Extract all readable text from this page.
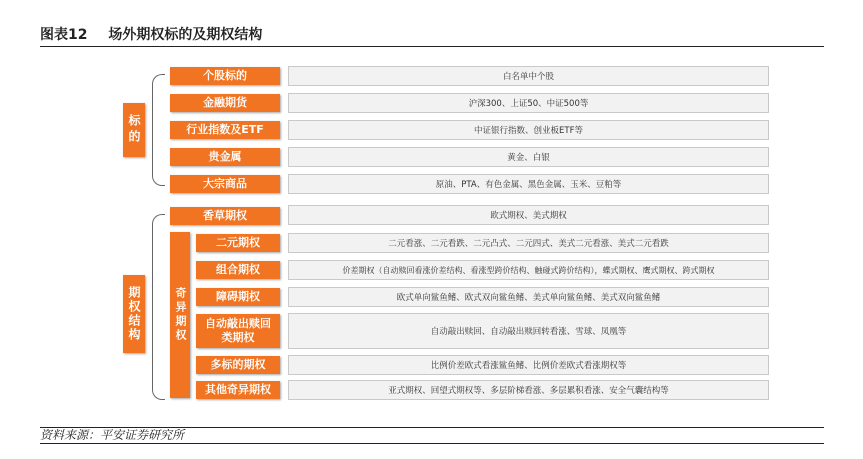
图表12 场外期权标的及期权结构
标的
个股标的	白名单中个股
金融期货	沪深300、上证50、中证500等
行业指数及ETF	中证银行指数、创业板ETF等
贵金属	黄金、白银
大宗商品	原油、PTA、有色金属、黑色金属、玉米、豆粕等
期权结构
香草期权	欧式期权、美式期权
奇异期权
二元期权	二元看涨、二元看跌、二元凸式、二元四式、美式二元看涨、美式二元看跌
组合期权	价差期权（自动赎回看涨价差结构、看涨型跨价结构、触碰式跨价结构），蝶式期权、鹰式期权、跨式期权
障碍期权	欧式单向鲨鱼鳍、欧式双向鲨鱼鳍、美式单向鲨鱼鳍、美式双向鲨鱼鳍
自动敲出赎回类期权	自动敲出赎回、自动敲出赎回转看涨、雪球、凤凰等
多标的期权	比例价差欧式看涨鲨鱼鳍、比例价差欧式看涨期权等
其他奇异期权	亚式期权、回望式期权等、多层阶梯看涨、多层累积看涨、安全气囊结构等
资料来源：平安证券研究所
